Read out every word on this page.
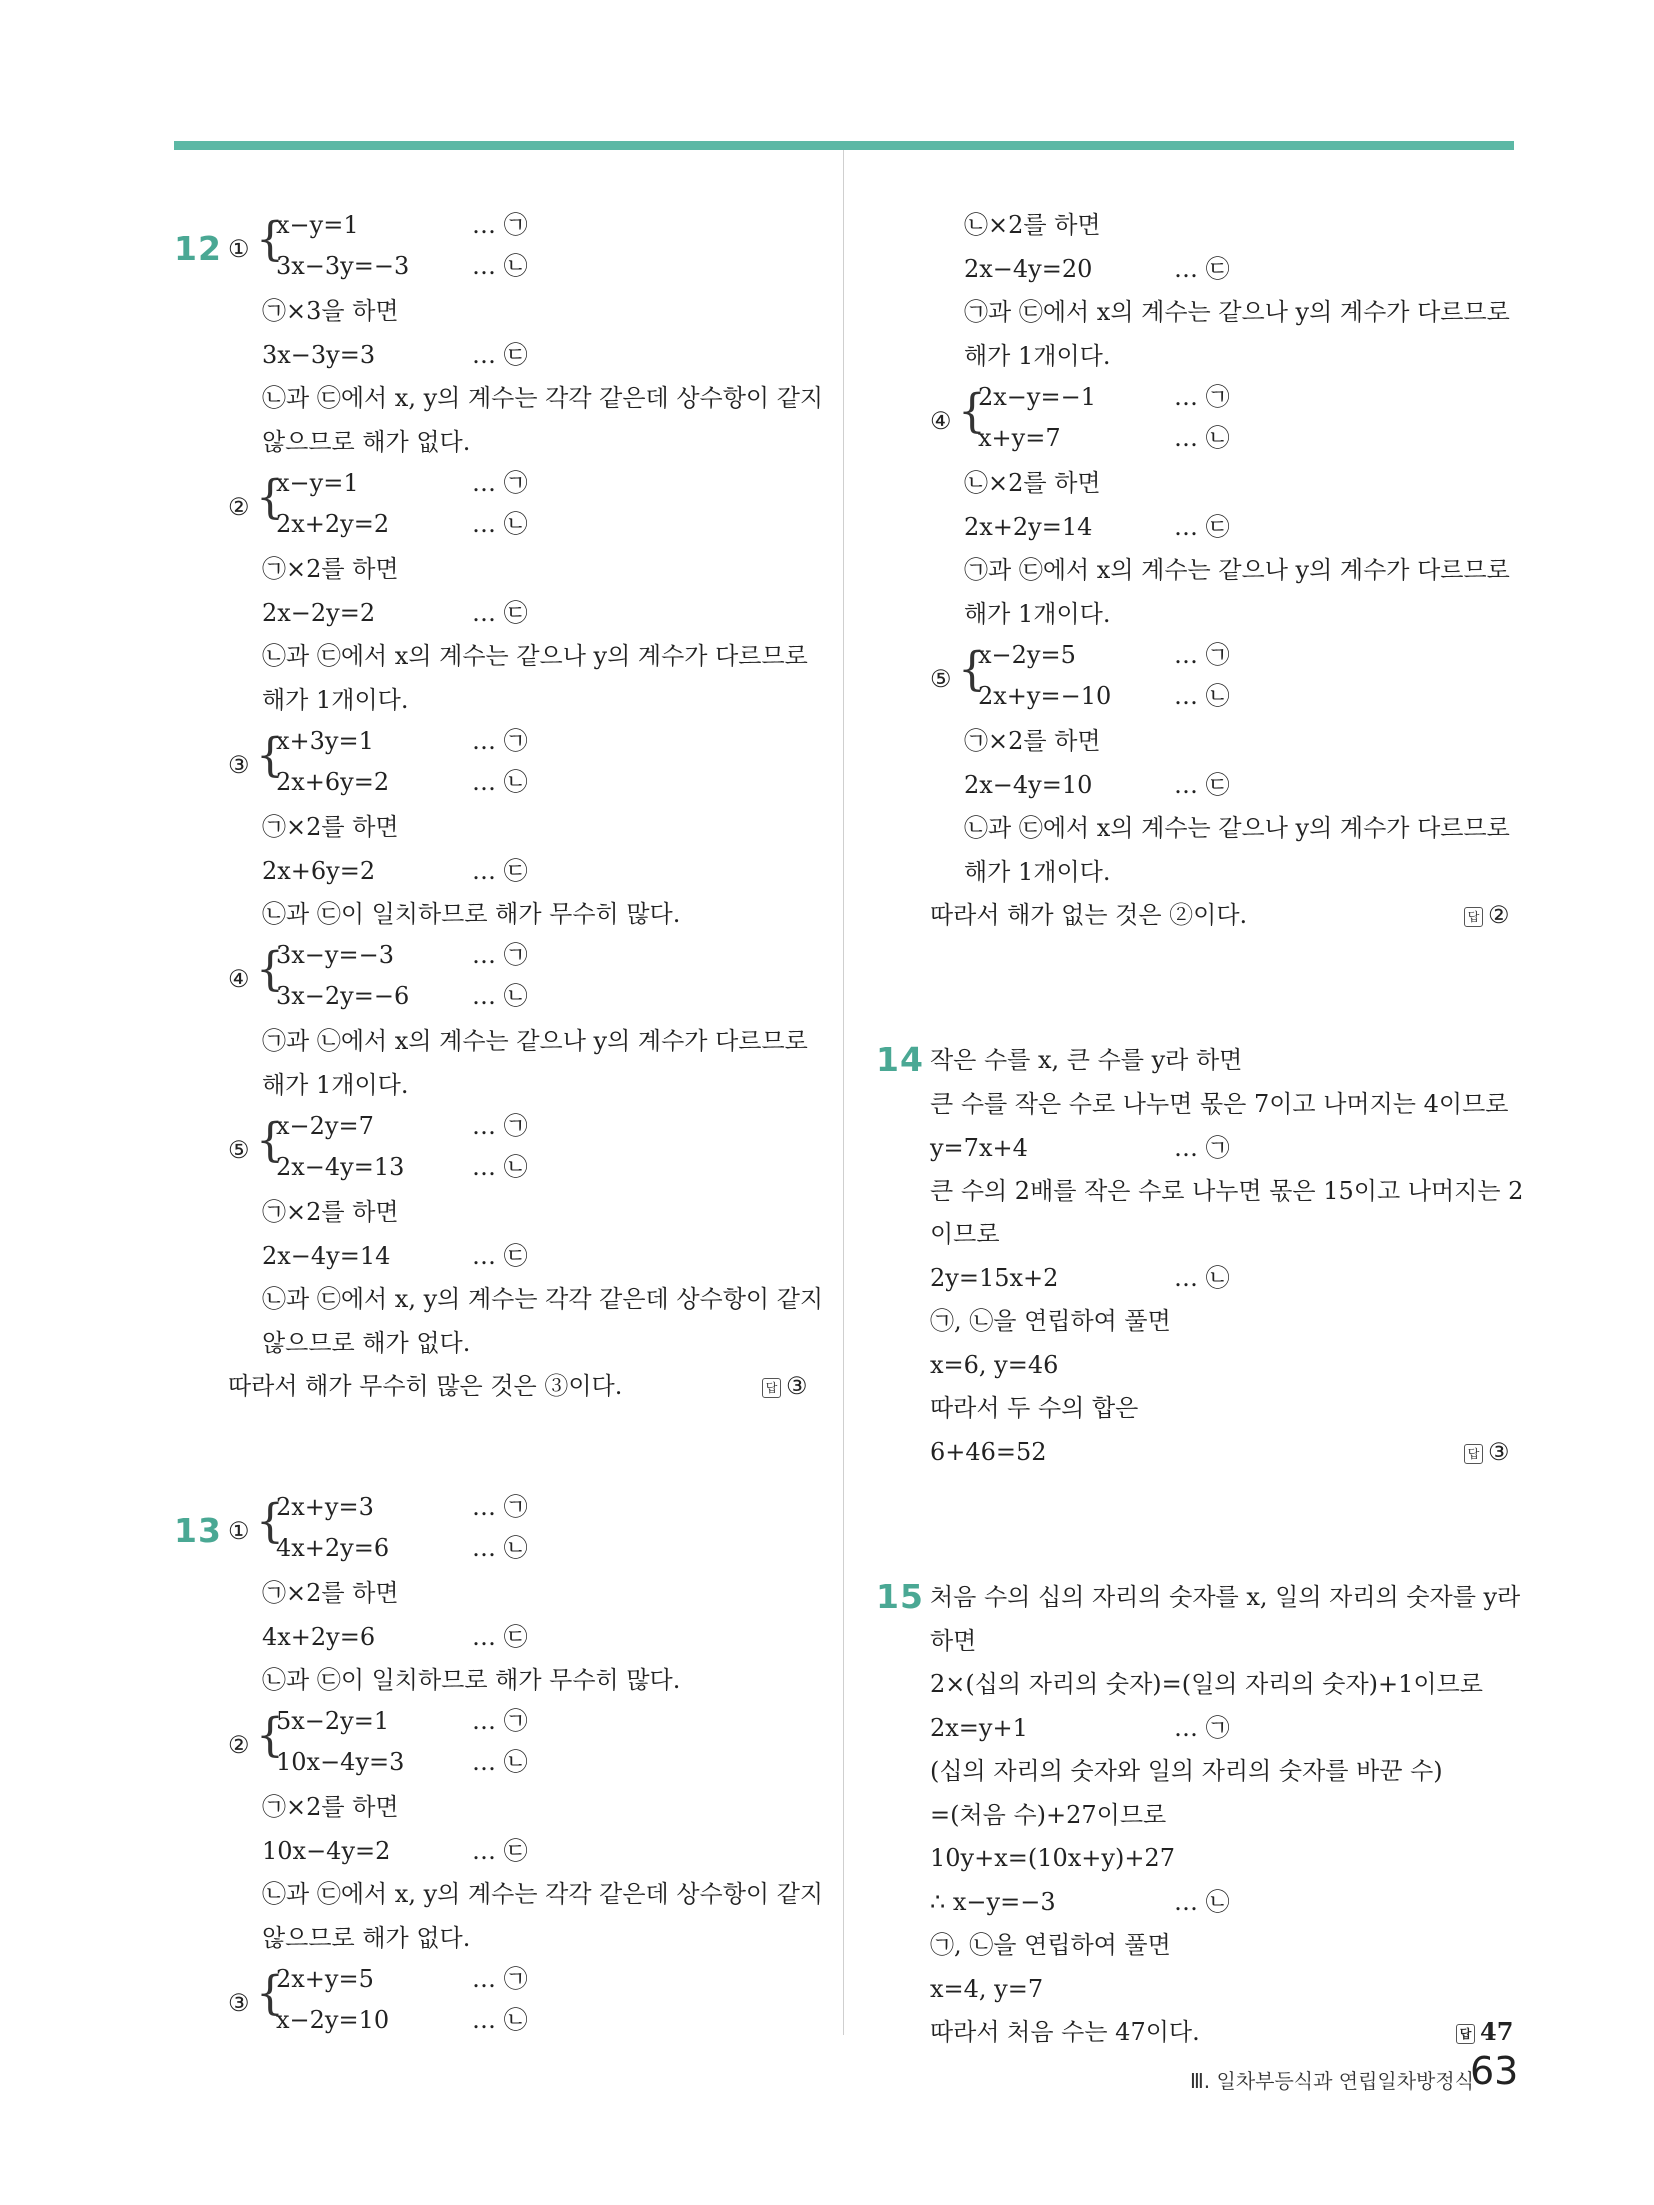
12 ① {
x−y=1	… ㉠
3x−3y=−3	… ㉡
㉠×3을 하면
3x−3y=3	… ㉢
㉡과 ㉢에서 x, y의 계수는 각각 같은데 상수항이 같지
않으므로 해가 없다.
② {
x−y=1	… ㉠
2x+2y=2	… ㉡
㉠×2를 하면
2x−2y=2	… ㉢
㉡과 ㉢에서 x의 계수는 같으나 y의 계수가 다르므로
해가 1개이다.
③ {
x+3y=1	… ㉠
2x+6y=2	… ㉡
㉠×2를 하면
2x+6y=2	… ㉢
㉡과 ㉢이 일치하므로 해가 무수히 많다.
④ {
3x−y=−3	… ㉠
3x−2y=−6	… ㉡
㉠과 ㉡에서 x의 계수는 같으나 y의 계수가 다르므로
해가 1개이다.
⑤ {
x−2y=7	… ㉠
2x−4y=13	… ㉡
㉠×2를 하면
2x−4y=14	… ㉢
㉡과 ㉢에서 x, y의 계수는 각각 같은데 상수항이 같지
않으므로 해가 없다.
따라서 해가 무수히 많은 것은 ③이다.	답 ③
13 ① {
2x+y=3	… ㉠
4x+2y=6	… ㉡
㉠×2를 하면
4x+2y=6	… ㉢
㉡과 ㉢이 일치하므로 해가 무수히 많다.
② {
5x−2y=1	… ㉠
10x−4y=3	… ㉡
㉠×2를 하면
10x−4y=2	… ㉢
㉡과 ㉢에서 x, y의 계수는 각각 같은데 상수항이 같지
않으므로 해가 없다.
③ {
2x+y=5	… ㉠
x−2y=10	… ㉡
㉡×2를 하면
2x−4y=20	… ㉢
㉠과 ㉢에서 x의 계수는 같으나 y의 계수가 다르므로
해가 1개이다.
④ {
2x−y=−1	… ㉠
x+y=7	… ㉡
㉡×2를 하면
2x+2y=14	… ㉢
㉠과 ㉢에서 x의 계수는 같으나 y의 계수가 다르므로
해가 1개이다.
⑤ {
x−2y=5	… ㉠
2x+y=−10	… ㉡
㉠×2를 하면
2x−4y=10	… ㉢
㉡과 ㉢에서 x의 계수는 같으나 y의 계수가 다르므로
해가 1개이다.
따라서 해가 없는 것은 ②이다.	답 ②
14 작은 수를 x, 큰 수를 y라 하면
큰 수를 작은 수로 나누면 몫은 7이고 나머지는 4이므로
y=7x+4	… ㉠
큰 수의 2배를 작은 수로 나누면 몫은 15이고 나머지는 2
이므로
2y=15x+2	… ㉡
㉠, ㉡을 연립하여 풀면
x=6, y=46
따라서 두 수의 합은
6+46=52	답 ③
15 처음 수의 십의 자리의 숫자를 x, 일의 자리의 숫자를 y라
하면
2×(십의 자리의 숫자)=(일의 자리의 숫자)+1이므로
2x=y+1	… ㉠
(십의 자리의 숫자와 일의 자리의 숫자를 바꾼 수)
=(처음 수)+27이므로
10y+x=(10x+y)+27
∴ x−y=−3	… ㉡
㉠, ㉡을 연립하여 풀면
x=4, y=7
따라서 처음 수는 47이다.	답 47
Ⅲ. 일차부등식과 연립일차방정식
63
